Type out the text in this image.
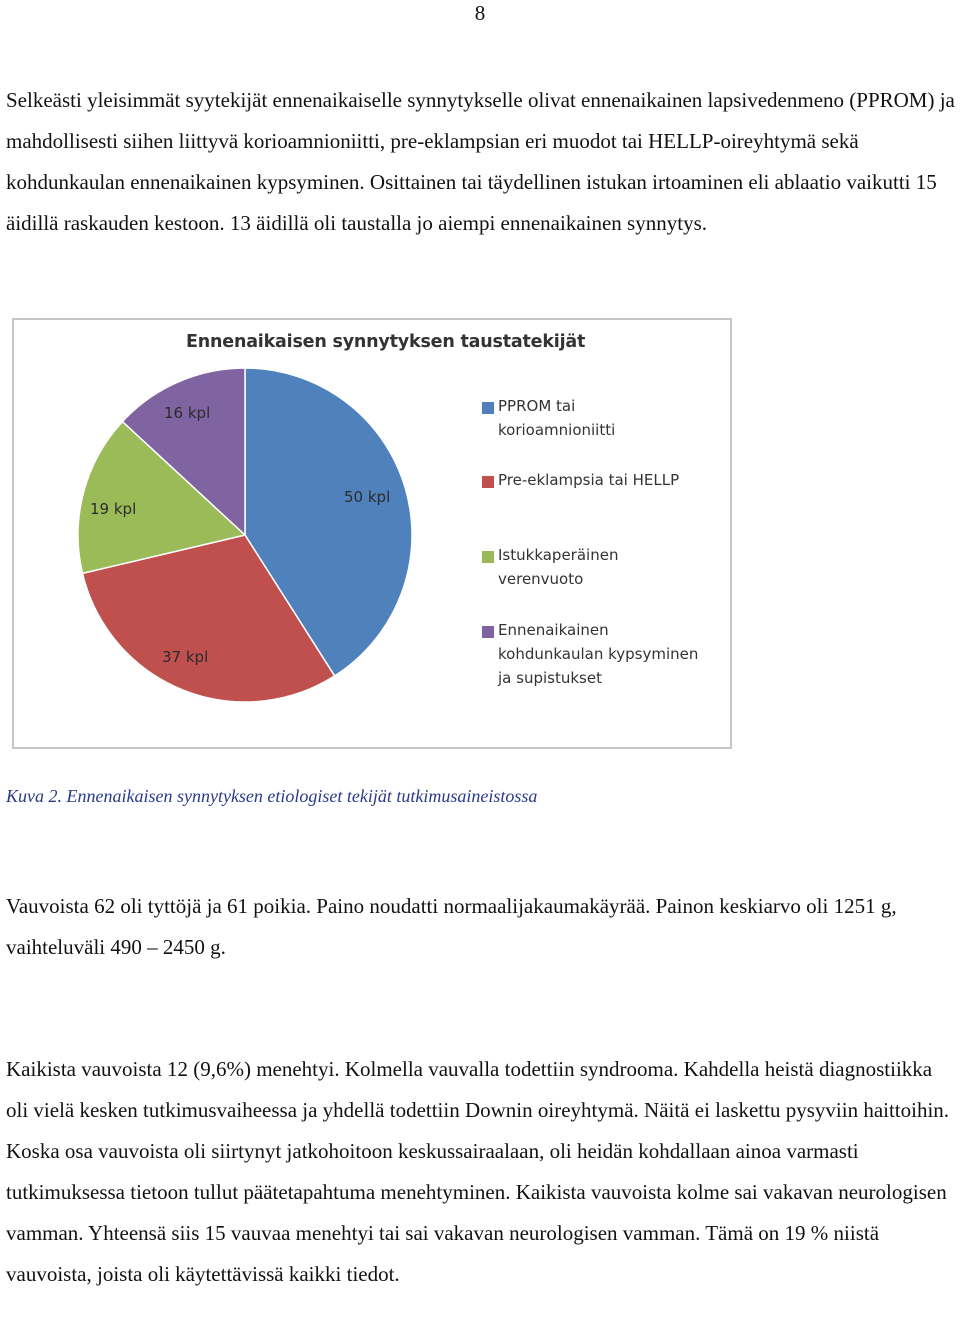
8

Selkeästi yleisimmät syytekijät ennenaikaiselle synnytykselle olivat ennenaikainen lapsivedenmeno (PPROM) ja mahdollisesti siihen liittyvä korioamnioniitti, pre-eklampsian eri muodot tai HELLP-oireyhtymä sekä kohdunkaulan ennenaikainen kypsyminen. Osittainen tai täydellinen istukan irtoaminen eli ablaatio vaikutti 15 äidillä raskauden kestoon. 13 äidillä oli taustalla jo aiempi ennenaikainen synnytys.

Ennenaikaisen synnytyksen taustatekijät
50 kpl
37 kpl
19 kpl
16 kpl	PPROM tai
korioamnioniitti
Pre-eklampsia tai HELLP
Istukkaperäinen
verenvuoto
Ennenaikainen
kohdunkaulan kypsyminen
ja supistukset

Kuva 2. Ennenaikaisen synnytyksen etiologiset tekijät tutkimusaineistossa

Vauvoista 62 oli tyttöjä ja 61 poikia. Paino noudatti normaalijakaumakäyrää. Painon keskiarvo oli 1251 g, vaihteluväli 490 – 2450 g.

Kaikista vauvoista 12 (9,6%) menehtyi. Kolmella vauvalla todettiin syndrooma. Kahdella heistä diagnostiikka oli vielä kesken tutkimusvaiheessa ja yhdellä todettiin Downin oireyhtymä. Näitä ei laskettu pysyviin haittoihin. Koska osa vauvoista oli siirtynyt jatkohoitoon keskussairaalaan, oli heidän kohdallaan ainoa varmasti tutkimuksessa tietoon tullut päätetapahtuma menehtyminen. Kaikista vauvoista kolme sai vakavan neurologisen vamman. Yhteensä siis 15 vauvaa menehtyi tai sai vakavan neurologisen vamman. Tämä on 19 % niistä vauvoista, joista oli käytettävissä kaikki tiedot.
